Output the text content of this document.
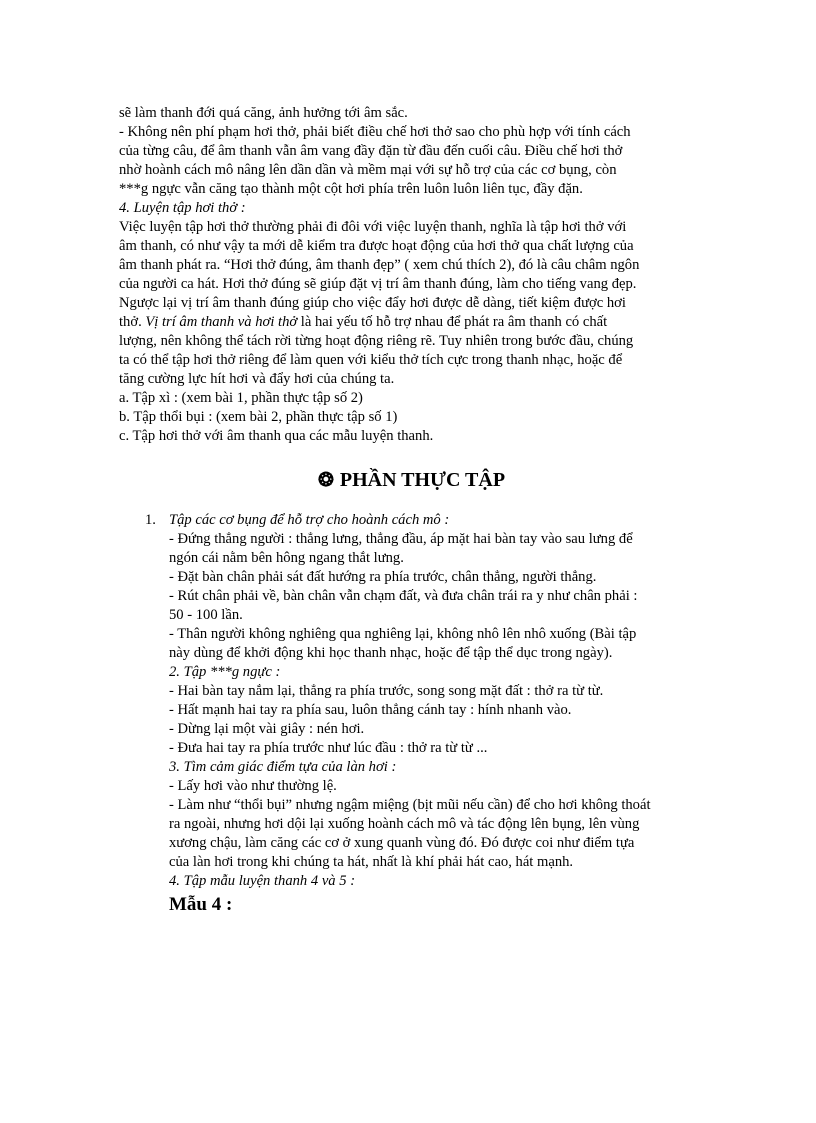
sẽ làm thanh đới quá căng, ảnh hưởng tới âm sắc.

- Không nên phí phạm hơi thở, phải biết điều chế hơi thở sao cho phù hợp với tính cách

của từng câu, để âm thanh vẫn âm vang đầy đặn từ đầu đến cuối câu. Điều chế hơi thở

nhờ hoành cách mô nâng lên dần dần và mềm mại với sự hỗ trợ của các cơ bụng, còn

***g ngực vẫn căng tạo thành một cột hơi phía trên luôn luôn liên tục, đầy đặn.

4. Luyện tập hơi thở :

Việc luyện tập hơi thở thường phải đi đôi với việc luyện thanh, nghĩa là tập hơi thở với

âm thanh, có như vậy ta mới dễ kiểm tra được hoạt động của hơi thở qua chất lượng của

âm thanh phát ra. “Hơi thở đúng, âm thanh đẹp” ( xem chú thích 2), đó là câu châm ngôn

của người ca hát. Hơi thở đúng sẽ giúp đặt vị trí âm thanh đúng, làm cho tiếng vang đẹp.

Ngược lại vị trí âm thanh đúng giúp cho việc đẩy hơi được dễ dàng, tiết kiệm được hơi

thở. Vị trí âm thanh và hơi thở là hai yếu tố hỗ trợ nhau để phát ra âm thanh có chất

lượng, nên không thể tách rời từng hoạt động riêng rẽ. Tuy nhiên trong bước đầu, chúng

ta có thể tập hơi thở riêng để làm quen với kiểu thở tích cực trong thanh nhạc, hoặc để

tăng cường lực hít hơi và đẩy hơi của chúng ta.

a. Tập xì : (xem bài 1, phần thực tập số 2)

b. Tập thổi bụi : (xem bài 2, phần thực tập số 1)

c. Tập hơi thở với âm thanh qua các mẫu luyện thanh.

❂ PHẦN THỰC TẬP

1. Tập các cơ bụng để hỗ trợ cho hoành cách mô :

- Đứng thẳng người : thẳng lưng, thẳng đầu, áp mặt hai bàn tay vào sau lưng để

ngón cái nằm bên hông ngang thắt lưng.

- Đặt bàn chân phải sát đất hướng ra phía trước, chân thẳng, người thẳng.

- Rút chân phải về, bàn chân vẫn chạm đất, và đưa chân trái ra y như chân phải :

50 - 100 lần.

- Thân người không nghiêng qua nghiêng lại, không nhô lên nhô xuống (Bài tập

này dùng để khởi động khi học thanh nhạc, hoặc để tập thể dục trong ngày).

2. Tập ***g ngực :

- Hai bàn tay nắm lại, thẳng ra phía trước, song song mặt đất : thở ra từ từ.

- Hất mạnh hai tay ra phía sau, luôn thẳng cánh tay : hính nhanh vào.

- Dừng lại một vài giây : nén hơi.

- Đưa hai tay ra phía trước như lúc đầu : thở ra từ từ ...

3. Tìm cảm giác điểm tựa của làn hơi :

- Lấy hơi vào như thường lệ.

- Làm như “thổi bụi” nhưng ngậm miệng (bịt mũi nếu cần) để cho hơi không thoát

ra ngoài, nhưng hơi dội lại xuống hoành cách mô và tác động lên bụng, lên vùng

xương chậu, làm căng các cơ ở xung quanh vùng đó. Đó được coi như điểm tựa

của làn hơi trong khi chúng ta hát, nhất là khí phải hát cao, hát mạnh.

4. Tập mẫu luyện thanh 4 và 5 :

Mẫu 4 :
